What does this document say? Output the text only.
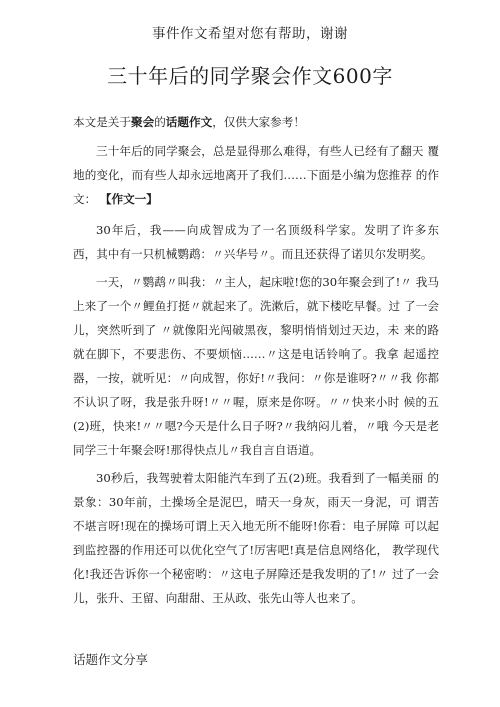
事件作文希望对您有帮助，谢谢
三十年后的同学聚会作文600字

本文是关于聚会的话题作文，仅供大家参考！

三十年后的同学聚会，总是显得那么难得，有些人已经有了翻天 覆地的变化，而有些人却永远地离开了我们……下面是小编为您推荐 的作文： 【作文一】

30年后，我——向成智成为了一名顶级科学家。发明了许多东 西，其中有一只机械鹦鹉：〃兴华号〃。而且还获得了诺贝尔发明奖。

一天，〃鹦鹉〃叫我：〃主人，起床啦!您的30年聚会到了!〃 我马上来了一个〃鲤鱼打挺〃就起来了。洗漱后，就下楼吃早餐。过 了一会儿，突然听到了 〃就像阳光闯破黑夜，黎明悄悄划过天边，未 来的路就在脚下，不要悲伤、不要烦恼……〃这是电话铃响了。我拿 起遥控器，一按，就听见：〃向成智，你好!〃我问：〃你是谁呀?〃〃我 你都不认识了呀，我是张升呀!〃〃喔，原来是你呀。〃〃快来小时 候的五(2)班，快来!〃〃嗯?今天是什么日子呀?〃我纳闷儿着，〃哦 今天是老同学三十年聚会呀!那得快点儿〃我自言自语道。

30秒后，我驾驶着太阳能汽车到了五(2)班。我看到了一幅美丽 的景象：30年前，土操场全是泥巴，晴天一身灰，雨天一身泥，可 谓苦不堪言呀!现在的操场可谓上天入地无所不能呀!你看：电子屏障 可以起到监控器的作用还可以优化空气了!厉害吧!真是信息网络化， 教学现代化!我还告诉你一个秘密哟：〃这电子屏障还是我发明的了!〃 过了一会儿，张升、王留、向甜甜、王从政、张先山等人也来了。

话题作文分享
